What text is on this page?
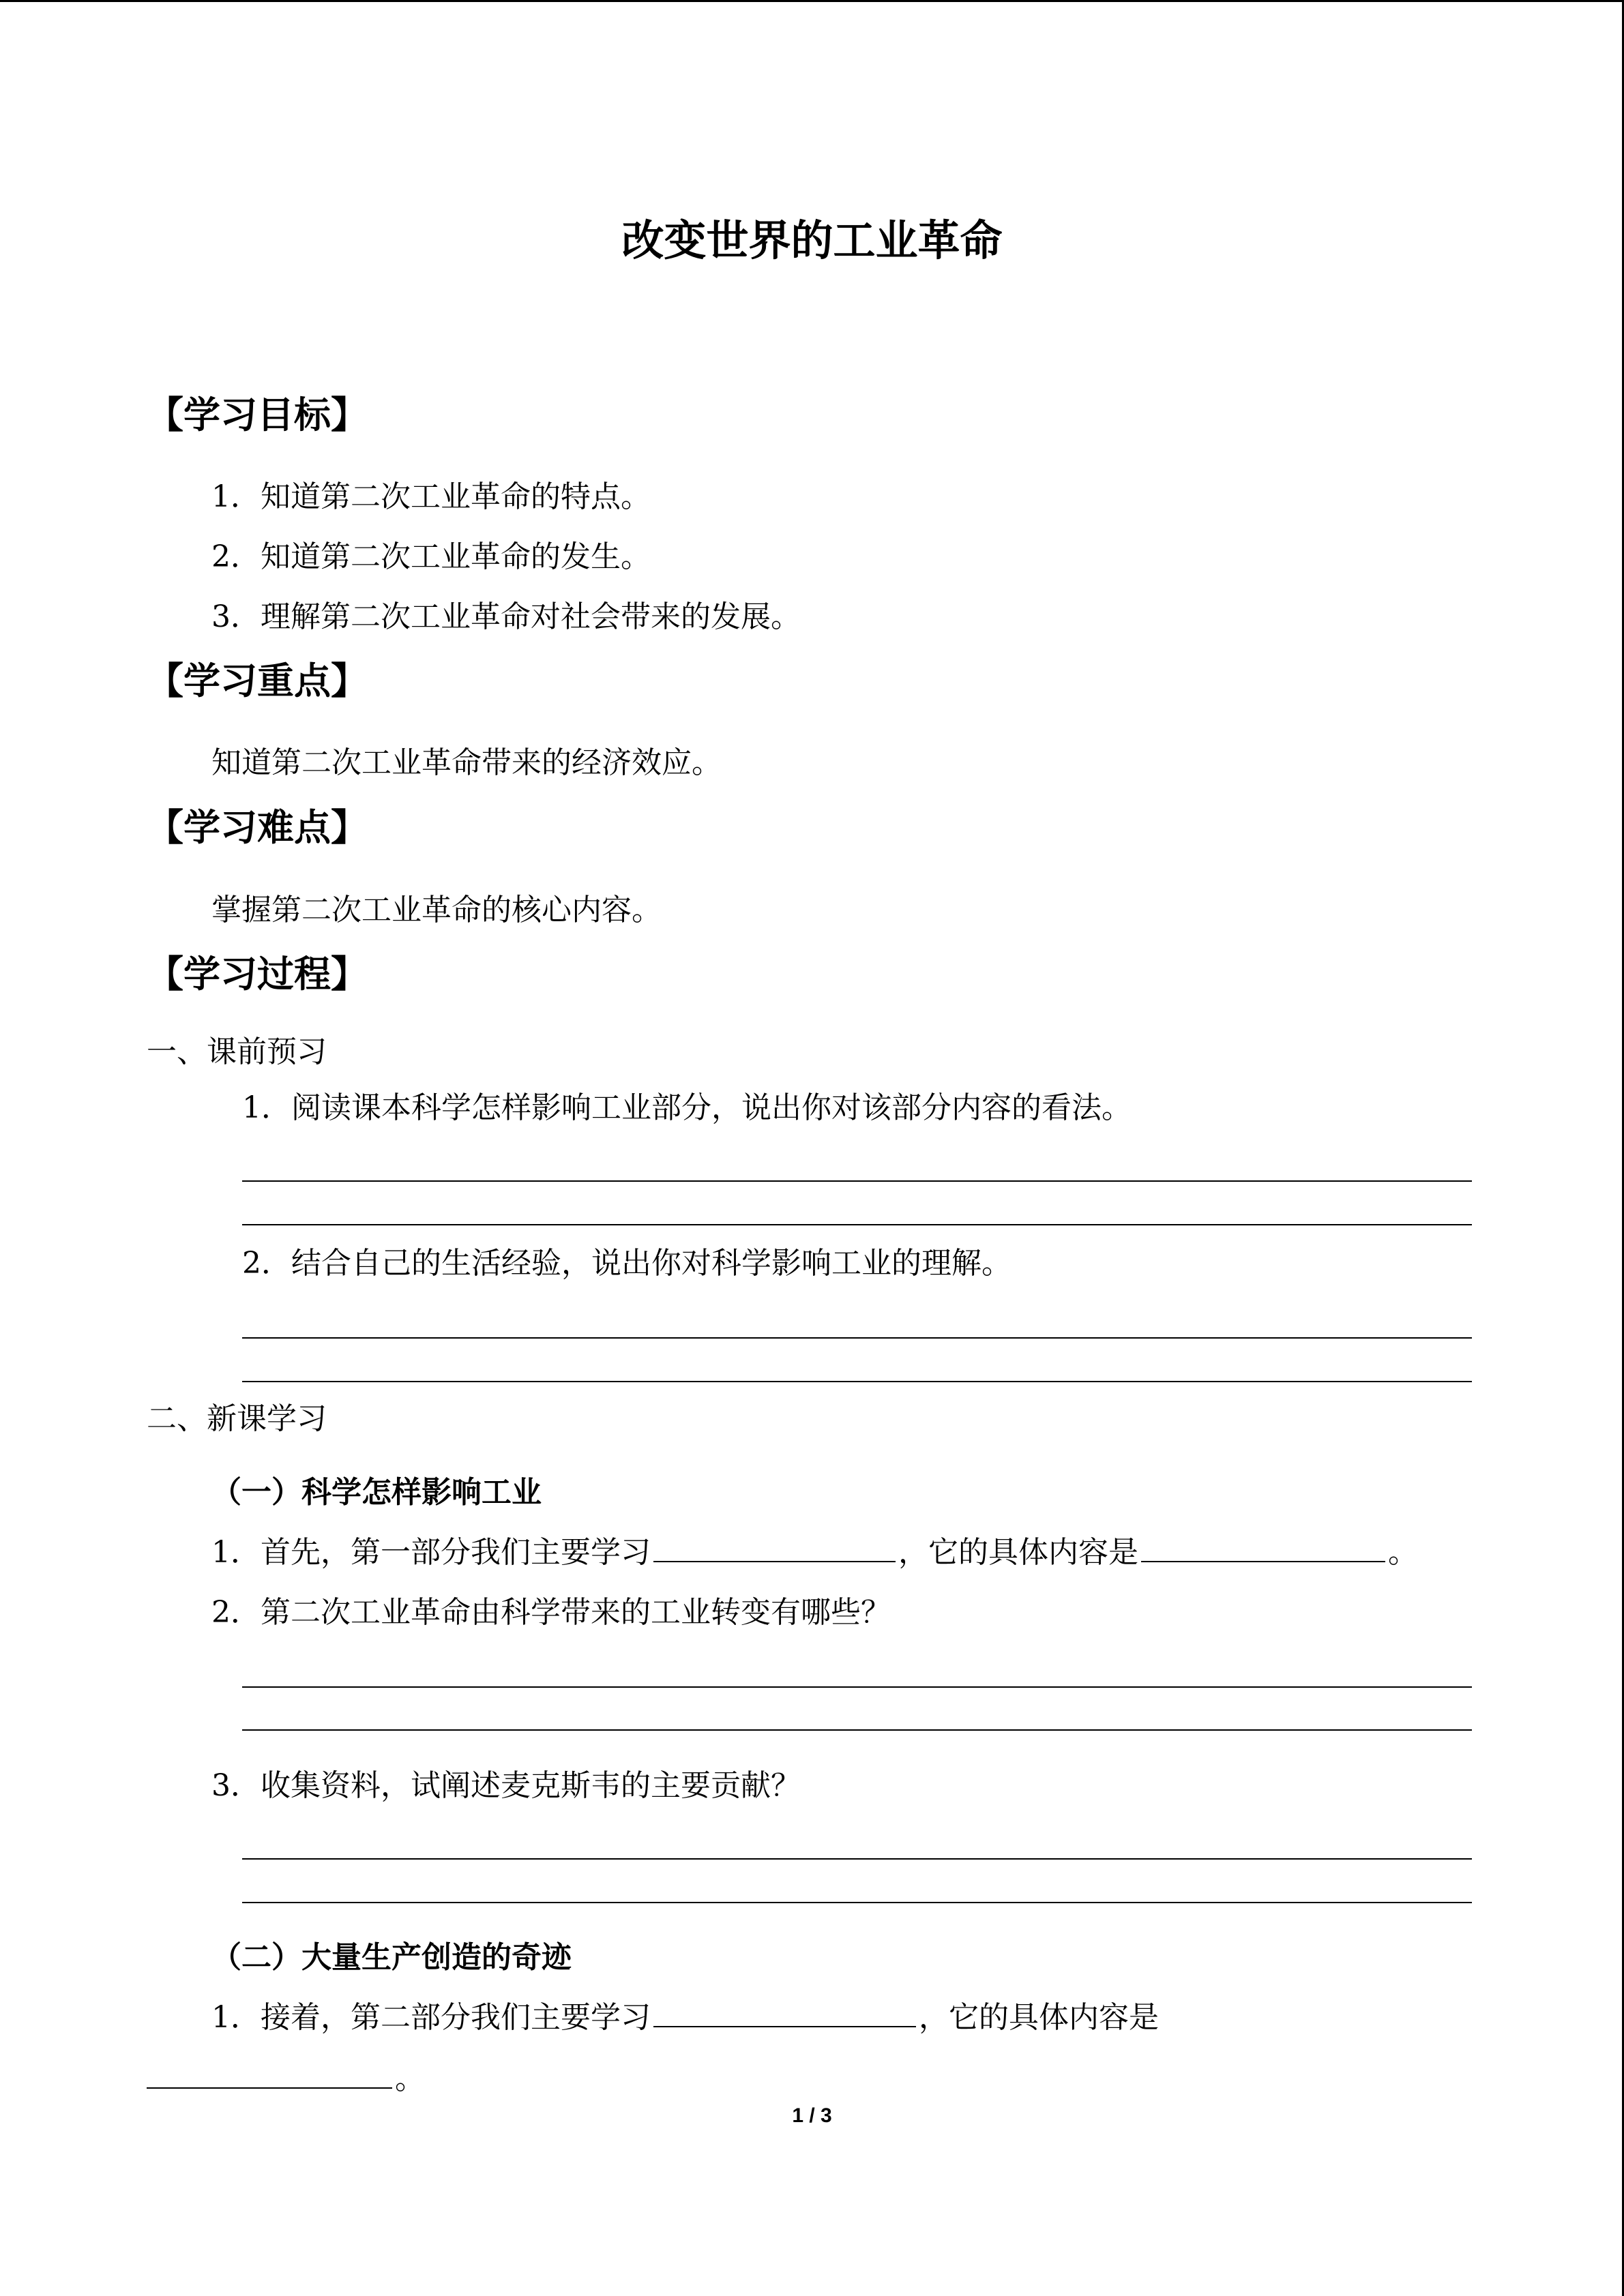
改变世界的工业革命
【学习目标】
1．知道第二次工业革命的特点。
2．知道第二次工业革命的发生。
3．理解第二次工业革命对社会带来的发展。
【学习重点】
知道第二次工业革命带来的经济效应。
【学习难点】
掌握第二次工业革命的核心内容。
【学习过程】
一、课前预习
1．阅读课本科学怎样影响工业部分，说出你对该部分内容的看法。
2．结合自己的生活经验，说出你对科学影响工业的理解。
二、新课学习
（一）科学怎样影响工业
1．首先，第一部分我们主要学习	，它的具体内容是	。
2．第二次工业革命由科学带来的工业转变有哪些？
3．收集资料，试阐述麦克斯韦的主要贡献？
（二）大量生产创造的奇迹
1．接着，第二部分我们主要学习	，它的具体内容是
。
1 / 3
